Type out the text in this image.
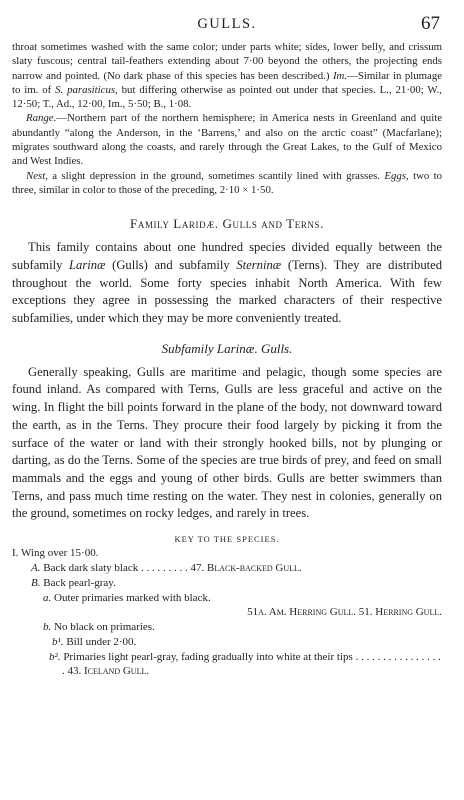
GULLS.	67

throat sometimes washed with the same color; under parts white; sides, lower belly, and crissum slaty fuscous; central tail-feathers extending about 7·00 beyond the others, the projecting ends narrow and pointed. (No dark phase of this species has been described.) Im.—Similar in plumage to im. of S. parasiticus, but differing otherwise as pointed out under that species. L., 21·00; W., 12·50; T., Ad., 12·00, Im., 5·50; B., 1·08.

Range.—Northern part of the northern hemisphere; in America nests in Greenland and quite abundantly “along the Anderson, in the ‘Barrens,’ and also on the arctic coast” (Macfarlane); migrates southward along the coasts, and rarely through the Great Lakes, to the Gulf of Mexico and West Indies.

Nest, a slight depression in the ground, sometimes scantily lined with grasses. Eggs, two to three, similar in color to those of the preceding, 2·10 × 1·50.

Family Laridæ. Gulls and Terns.

This family contains about one hundred species divided equally between the subfamily Larinæ (Gulls) and subfamily Sterninæ (Terns). They are distributed throughout the world. Some forty species inhabit North America. With few exceptions they agree in possessing the marked characters of their respective subfamilies, under which they may be more conveniently treated.

Subfamily Larinæ. Gulls.

Generally speaking, Gulls are maritime and pelagic, though some species are found inland. As compared with Terns, Gulls are less graceful and active on the wing. In flight the bill points forward in the plane of the body, not downward toward the earth, as in the Terns. They procure their food largely by picking it from the surface of the water or land with their strongly hooked bills, not by plunging or darting, as do the Terns. Some of the species are true birds of prey, and feed on small mammals and the eggs and young of other birds. Gulls are better swimmers than Terns, and pass much time resting on the water. They nest in colonies, generally on the ground, sometimes on rocky ledges, and rarely in trees.

KEY TO THE SPECIES.
I. Wing over 15·00.
A. Back dark slaty black . . . . . . . . . 47. Black-backed Gull.
B. Back pearl-gray.
a. Outer primaries marked with black.
51a. Am. Herring Gull. 51. Herring Gull.
b. No black on primaries.
b¹. Bill under 2·00.
b². Primaries light pearl-gray, fading gradually into white at their tips . . . . . . . . . . . . . . . . . 43. Iceland Gull.
